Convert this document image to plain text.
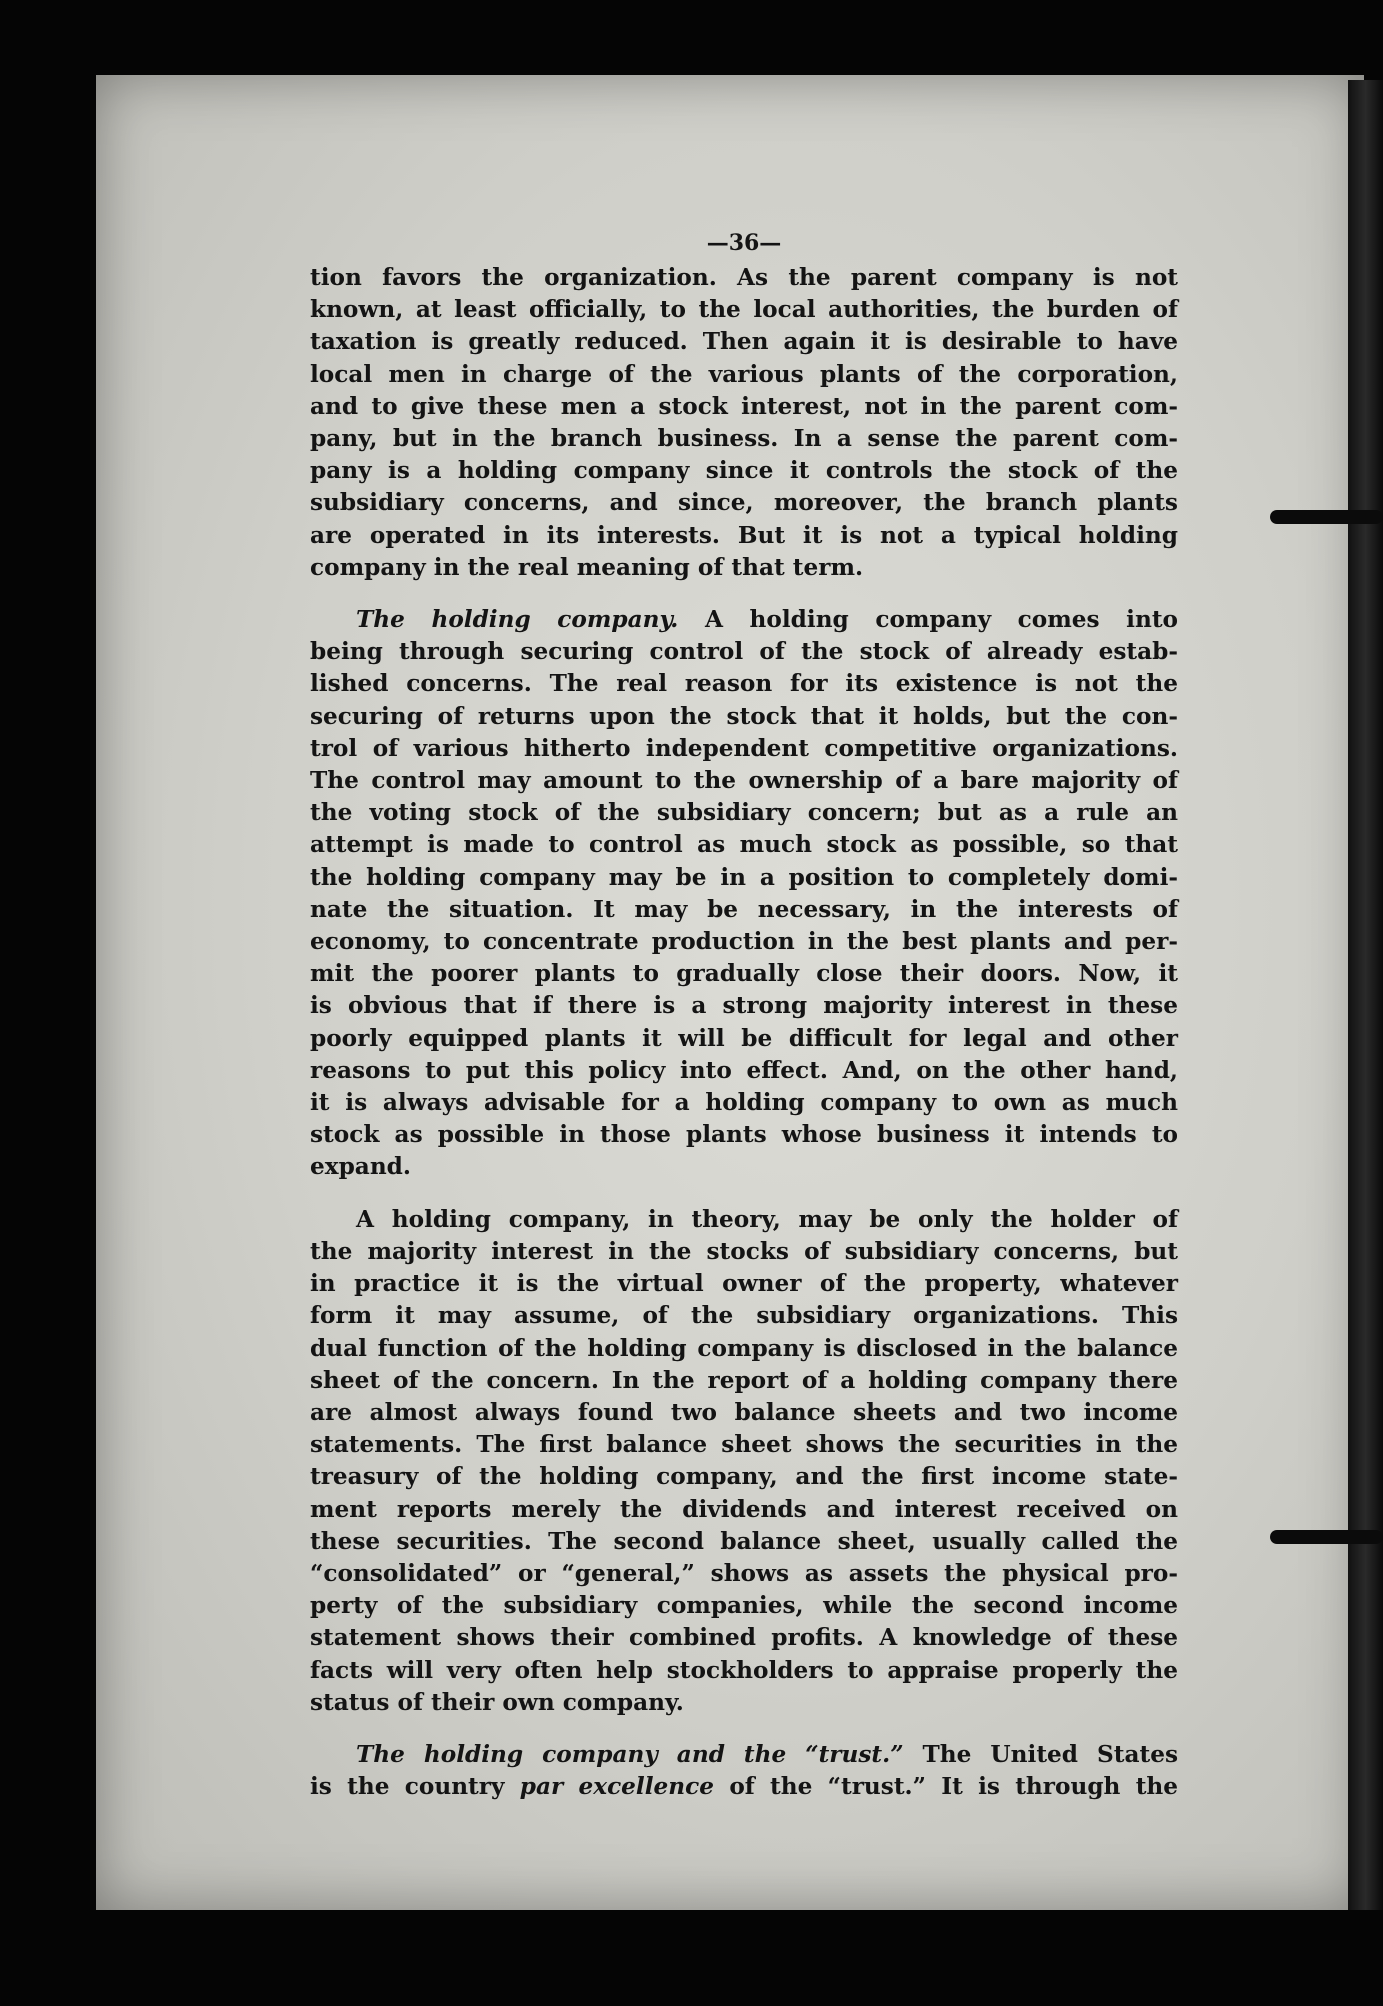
—36—
tion favors the organization. As the parent company is not
known, at least officially, to the local authorities, the burden of
taxation is greatly reduced. Then again it is desirable to have
local men in charge of the various plants of the corporation,
and to give these men a stock interest, not in the parent com-
pany, but in the branch business. In a sense the parent com-
pany is a holding company since it controls the stock of the
subsidiary concerns, and since, moreover, the branch plants
are operated in its interests. But it is not a typical holding
company in the real meaning of that term.
The holding company. A holding company comes into
being through securing control of the stock of already estab-
lished concerns. The real reason for its existence is not the
securing of returns upon the stock that it holds, but the con-
trol of various hitherto independent competitive organizations.
The control may amount to the ownership of a bare majority of
the voting stock of the subsidiary concern; but as a rule an
attempt is made to control as much stock as possible, so that
the holding company may be in a position to completely domi-
nate the situation. It may be necessary, in the interests of
economy, to concentrate production in the best plants and per-
mit the poorer plants to gradually close their doors. Now, it
is obvious that if there is a strong majority interest in these
poorly equipped plants it will be difficult for legal and other
reasons to put this policy into effect. And, on the other hand,
it is always advisable for a holding company to own as much
stock as possible in those plants whose business it intends to
expand.
A holding company, in theory, may be only the holder of
the majority interest in the stocks of subsidiary concerns, but
in practice it is the virtual owner of the property, whatever
form it may assume, of the subsidiary organizations. This
dual function of the holding company is disclosed in the balance
sheet of the concern. In the report of a holding company there
are almost always found two balance sheets and two income
statements. The first balance sheet shows the securities in the
treasury of the holding company, and the first income state-
ment reports merely the dividends and interest received on
these securities. The second balance sheet, usually called the
“consolidated” or “general,” shows as assets the physical pro-
perty of the subsidiary companies, while the second income
statement shows their combined profits. A knowledge of these
facts will very often help stockholders to appraise properly the
status of their own company.
The holding company and the “trust.” The United States
is the country par excellence of the “trust.” It is through the
